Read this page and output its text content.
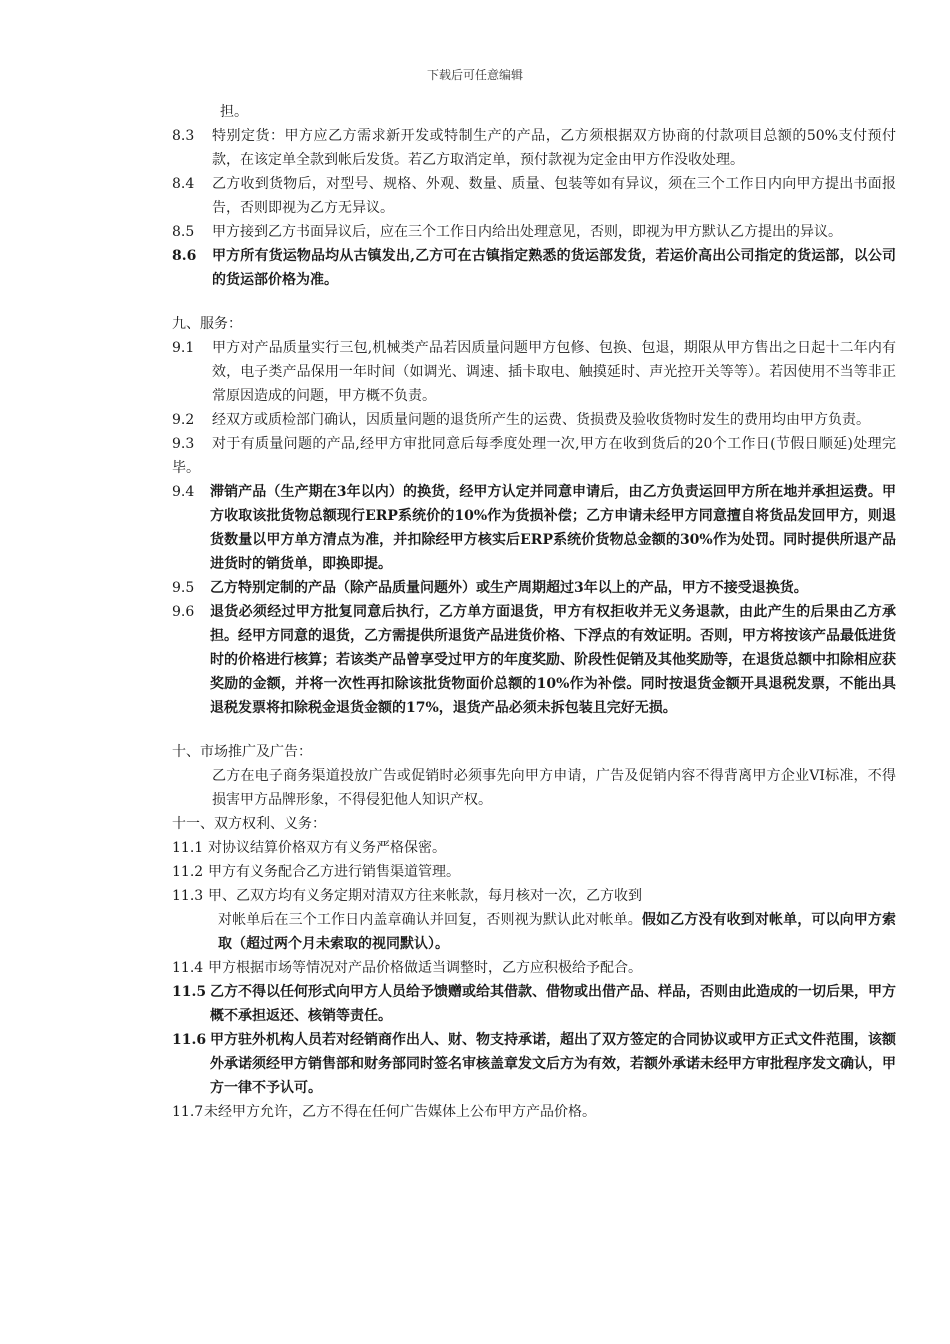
下载后可任意编辑

担。

8.3	特别定货：甲方应乙方需求新开发或特制生产的产品，乙方须根据双方协商的付款项目总额的50%支付预付款，在该定单全款到帐后发货。若乙方取消定单，预付款视为定金由甲方作没收处理。

8.4	乙方收到货物后，对型号、规格、外观、数量、质量、包装等如有异议，须在三个工作日内向甲方提出书面报告，否则即视为乙方无异议。

8.5	甲方接到乙方书面异议后，应在三个工作日内给出处理意见，否则，即视为甲方默认乙方提出的异议。

8.6	甲方所有货运物品均从古镇发出,乙方可在古镇指定熟悉的货运部发货，若运价高出公司指定的货运部，以公司的货运部价格为准。

九、服务：

9.1	甲方对产品质量实行三包,机械类产品若因质量问题甲方包修、包换、包退，期限从甲方售出之日起十二年内有效，电子类产品保用一年时间（如调光、调速、插卡取电、触摸延时、声光控开关等等）。若因使用不当等非正常原因造成的问题，甲方概不负责。

9.2	经双方或质检部门确认，因质量问题的退货所产生的运费、货损费及验收货物时发生的费用均由甲方负责。

9.3	对于有质量问题的产品,经甲方审批同意后每季度处理一次,甲方在收到货后的20个工作日(节假日顺延)处理完毕。

9.4	滞销产品（生产期在3年以内）的换货，经甲方认定并同意申请后，由乙方负责运回甲方所在地并承担运费。甲方收取该批货物总额现行ERP系统价的10%作为货损补偿；乙方申请未经甲方同意擅自将货品发回甲方，则退货数量以甲方单方清点为准，并扣除经甲方核实后ERP系统价货物总金额的30%作为处罚。同时提供所退产品进货时的销货单，即换即提。

9.5	乙方特别定制的产品（除产品质量问题外）或生产周期超过3年以上的产品，甲方不接受退换货。

9.6	退货必须经过甲方批复同意后执行，乙方单方面退货，甲方有权拒收并无义务退款，由此产生的后果由乙方承担。经甲方同意的退货，乙方需提供所退货产品进货价格、下浮点的有效证明。否则，甲方将按该产品最低进货时的价格进行核算；若该类产品曾享受过甲方的年度奖励、阶段性促销及其他奖励等，在退货总额中扣除相应获奖励的金额，并将一次性再扣除该批货物面价总额的10%作为补偿。同时按退货金额开具退税发票，不能出具退税发票将扣除税金退货金额的17%，退货产品必须未拆包装且完好无损。

十、市场推广及广告：

乙方在电子商务渠道投放广告或促销时必须事先向甲方申请，广告及促销内容不得背离甲方企业VI标准，不得损害甲方品牌形象，不得侵犯他人知识产权。

十一、双方权利、义务：

11.1 对协议结算价格双方有义务严格保密。

11.2 甲方有义务配合乙方进行销售渠道管理。

11.3 甲、乙双方均有义务定期对清双方往来帐款，每月核对一次，乙方收到
对帐单后在三个工作日内盖章确认并回复，否则视为默认此对帐单。假如乙方没有收到对帐单，可以向甲方索取（超过两个月未索取的视同默认）。

11.4 甲方根据市场等情况对产品价格做适当调整时，乙方应积极给予配合。

11.5 乙方不得以任何形式向甲方人员给予馈赠或给其借款、借物或出借产品、样品，否则由此造成的一切后果，甲方概不承担返还、核销等责任。

11.6 甲方驻外机构人员若对经销商作出人、财、物支持承诺，超出了双方签定的合同协议或甲方正式文件范围，该额外承诺须经甲方销售部和财务部同时签名审核盖章发文后方为有效，若额外承诺未经甲方审批程序发文确认，甲方一律不予认可。

11.7 未经甲方允许，乙方不得在任何广告媒体上公布甲方产品价格。
